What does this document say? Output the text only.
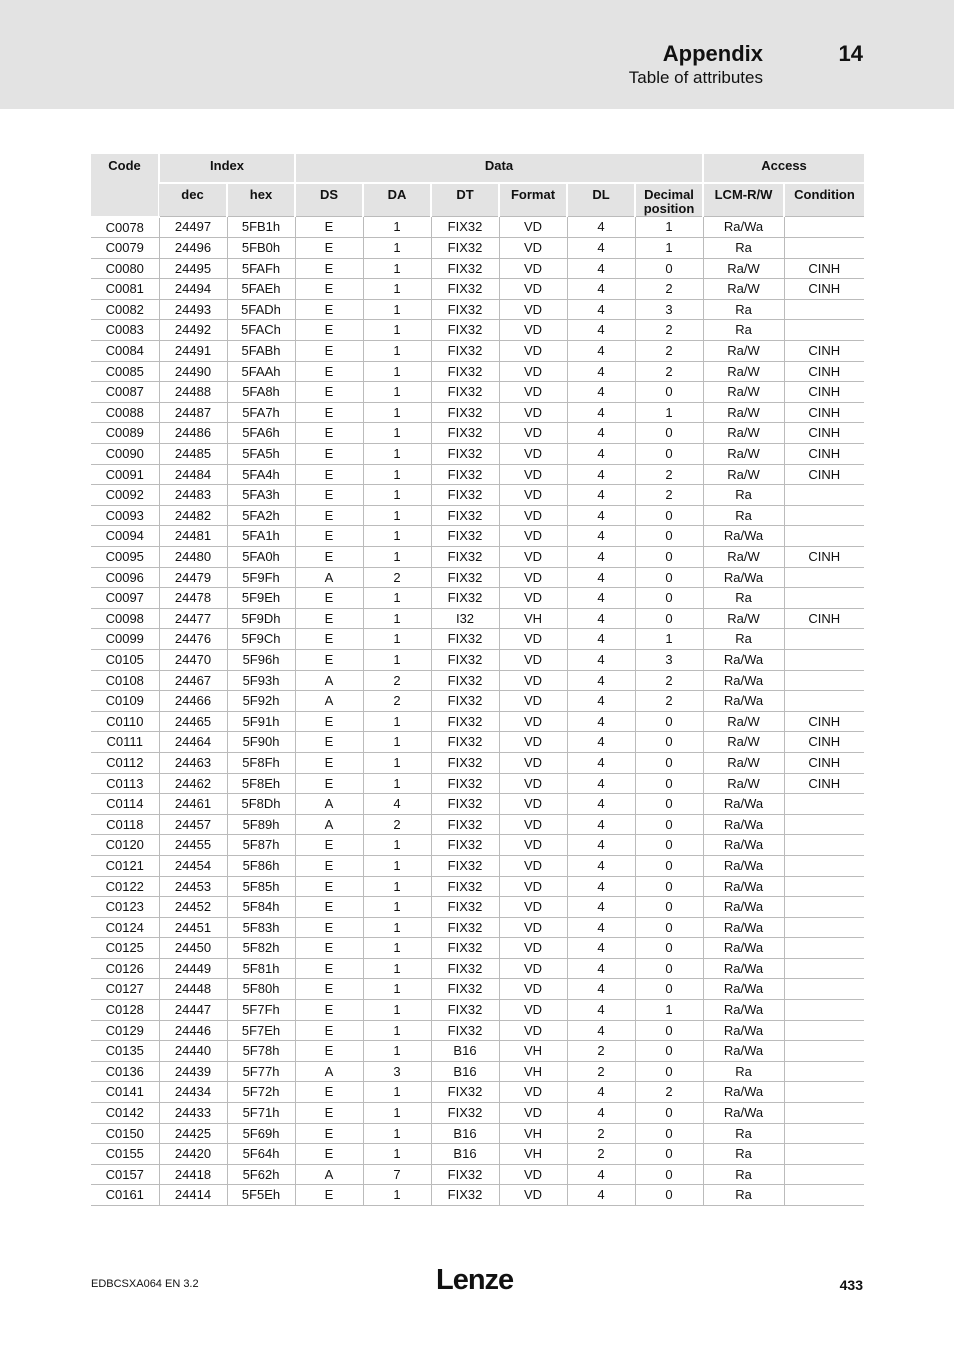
Appendix	14
Table of attributes
Code	Index		Data						Access	
	dec	hex	DS	DA	DT	Format	DL	Decimal position	LCM-R/W	Condition
C0078	24497	5FB1h	E	1	FIX32	VD	4	1	Ra/Wa	
C0079	24496	5FB0h	E	1	FIX32	VD	4	1	Ra	
C0080	24495	5FAFh	E	1	FIX32	VD	4	0	Ra/W	CINH
C0081	24494	5FAEh	E	1	FIX32	VD	4	2	Ra/W	CINH
C0082	24493	5FADh	E	1	FIX32	VD	4	3	Ra	
C0083	24492	5FACh	E	1	FIX32	VD	4	2	Ra	
C0084	24491	5FABh	E	1	FIX32	VD	4	2	Ra/W	CINH
C0085	24490	5FAAh	E	1	FIX32	VD	4	2	Ra/W	CINH
C0087	24488	5FA8h	E	1	FIX32	VD	4	0	Ra/W	CINH
C0088	24487	5FA7h	E	1	FIX32	VD	4	1	Ra/W	CINH
C0089	24486	5FA6h	E	1	FIX32	VD	4	0	Ra/W	CINH
C0090	24485	5FA5h	E	1	FIX32	VD	4	0	Ra/W	CINH
C0091	24484	5FA4h	E	1	FIX32	VD	4	2	Ra/W	CINH
C0092	24483	5FA3h	E	1	FIX32	VD	4	2	Ra	
C0093	24482	5FA2h	E	1	FIX32	VD	4	0	Ra	
C0094	24481	5FA1h	E	1	FIX32	VD	4	0	Ra/Wa	
C0095	24480	5FA0h	E	1	FIX32	VD	4	0	Ra/W	CINH
C0096	24479	5F9Fh	A	2	FIX32	VD	4	0	Ra/Wa	
C0097	24478	5F9Eh	E	1	FIX32	VD	4	0	Ra	
C0098	24477	5F9Dh	E	1	I32	VH	4	0	Ra/W	CINH
C0099	24476	5F9Ch	E	1	FIX32	VD	4	1	Ra	
C0105	24470	5F96h	E	1	FIX32	VD	4	3	Ra/Wa	
C0108	24467	5F93h	A	2	FIX32	VD	4	2	Ra/Wa	
C0109	24466	5F92h	A	2	FIX32	VD	4	2	Ra/Wa	
C0110	24465	5F91h	E	1	FIX32	VD	4	0	Ra/W	CINH
C0111	24464	5F90h	E	1	FIX32	VD	4	0	Ra/W	CINH
C0112	24463	5F8Fh	E	1	FIX32	VD	4	0	Ra/W	CINH
C0113	24462	5F8Eh	E	1	FIX32	VD	4	0	Ra/W	CINH
C0114	24461	5F8Dh	A	4	FIX32	VD	4	0	Ra/Wa	
C0118	24457	5F89h	A	2	FIX32	VD	4	0	Ra/Wa	
C0120	24455	5F87h	E	1	FIX32	VD	4	0	Ra/Wa	
C0121	24454	5F86h	E	1	FIX32	VD	4	0	Ra/Wa	
C0122	24453	5F85h	E	1	FIX32	VD	4	0	Ra/Wa	
C0123	24452	5F84h	E	1	FIX32	VD	4	0	Ra/Wa	
C0124	24451	5F83h	E	1	FIX32	VD	4	0	Ra/Wa	
C0125	24450	5F82h	E	1	FIX32	VD	4	0	Ra/Wa	
C0126	24449	5F81h	E	1	FIX32	VD	4	0	Ra/Wa	
C0127	24448	5F80h	E	1	FIX32	VD	4	0	Ra/Wa	
C0128	24447	5F7Fh	E	1	FIX32	VD	4	1	Ra/Wa	
C0129	24446	5F7Eh	E	1	FIX32	VD	4	0	Ra/Wa	
C0135	24440	5F78h	E	1	B16	VH	2	0	Ra/Wa	
C0136	24439	5F77h	A	3	B16	VH	2	0	Ra	
C0141	24434	5F72h	E	1	FIX32	VD	4	2	Ra/Wa	
C0142	24433	5F71h	E	1	FIX32	VD	4	0	Ra/Wa	
C0150	24425	5F69h	E	1	B16	VH	2	0	Ra	
C0155	24420	5F64h	E	1	B16	VH	2	0	Ra	
C0157	24418	5F62h	A	7	FIX32	VD	4	0	Ra	
C0161	24414	5F5Eh	E	1	FIX32	VD	4	0	Ra	
EDBCSXA064 EN 3.2	Lenze	433
